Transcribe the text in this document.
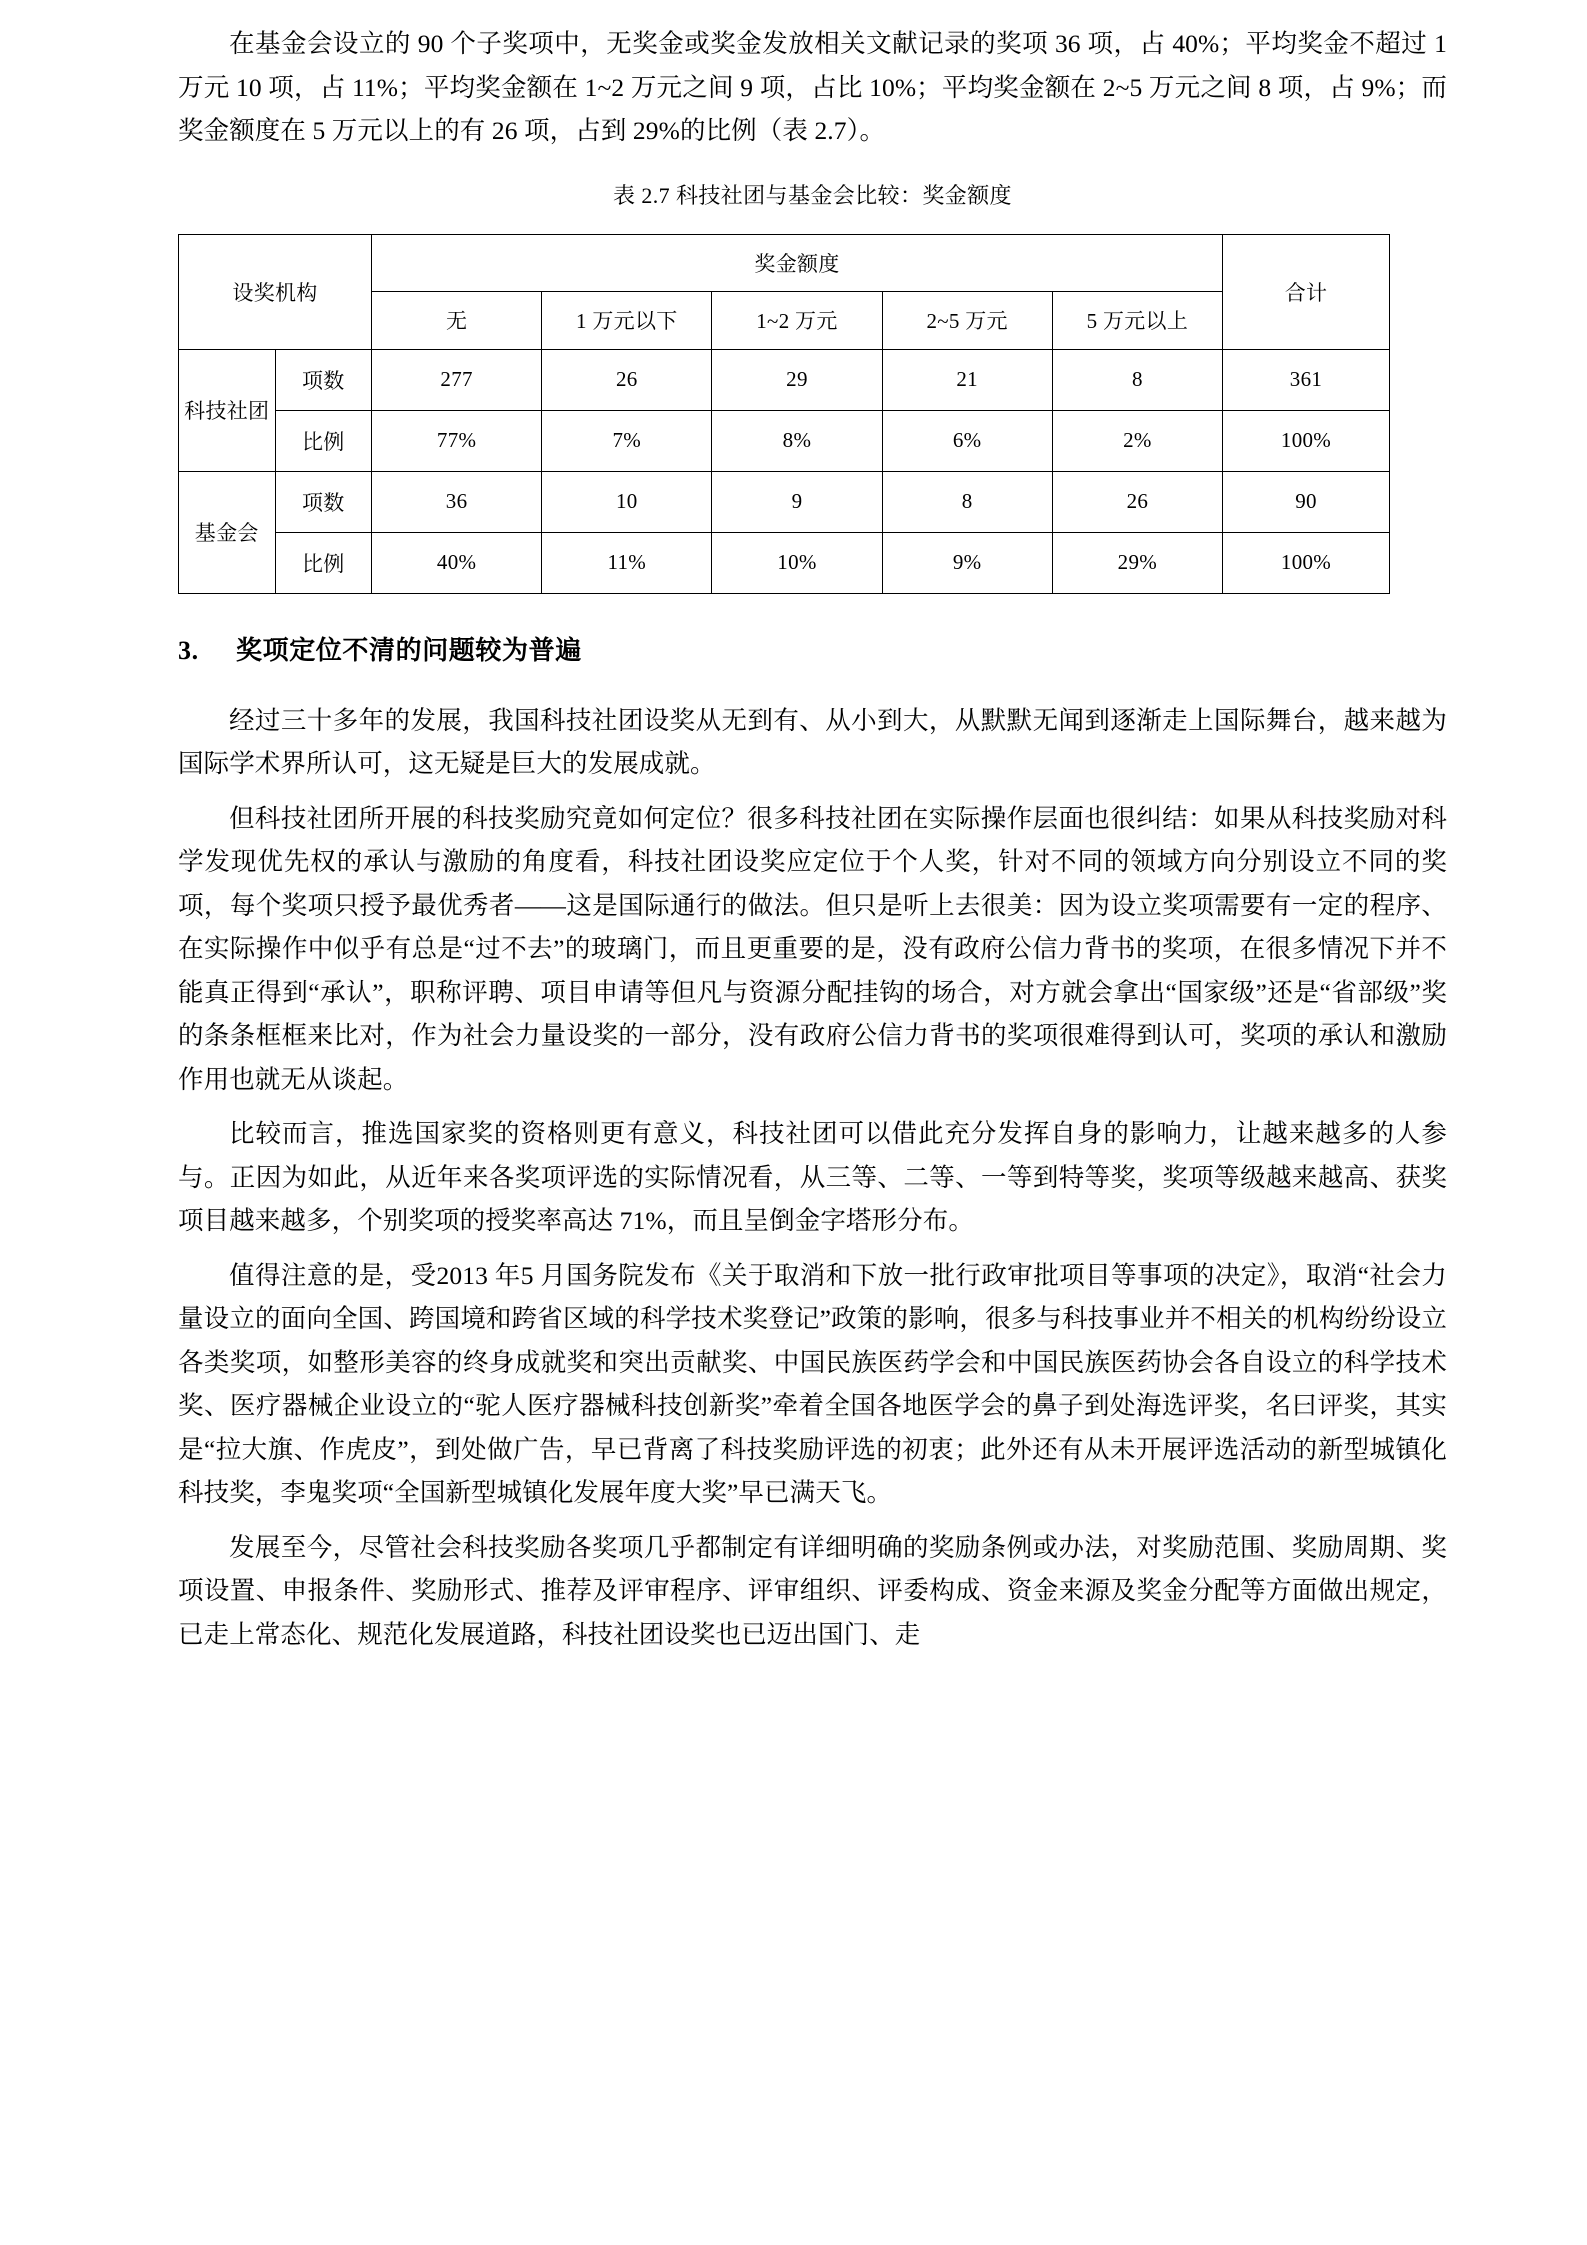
在基金会设立的 90 个子奖项中，无奖金或奖金发放相关文献记录的奖项 36 项，占 40%；平均奖金不超过 1 万元 10 项，占 11%；平均奖金额在 1~2 万元之间 9 项，占比 10%；平均奖金额在 2~5 万元之间 8 项，占 9%；而奖金额度在 5 万元以上的有 26 项，占到 29%的比例（表 2.7）。

表 2.7 科技社团与基金会比较：奖金额度
设奖机构		奖金额度					合计
		无	1 万元以下	1~2 万元	2~5 万元	5 万元以上	
科技社团	项数	277	26	29	21	8	361
	比例	77%	7%	8%	6%	2%	100%
基金会	项数	36	10	9	8	26	90
	比例	40%	11%	10%	9%	29%	100%
3.	奖项定位不清的问题较为普遍

经过三十多年的发展，我国科技社团设奖从无到有、从小到大，从默默无闻到逐渐走上国际舞台，越来越为国际学术界所认可，这无疑是巨大的发展成就。

但科技社团所开展的科技奖励究竟如何定位？很多科技社团在实际操作层面也很纠结：如果从科技奖励对科学发现优先权的承认与激励的角度看，科技社团设奖应定位于个人奖，针对不同的领域方向分别设立不同的奖项，每个奖项只授予最优秀者——这是国际通行的做法。但只是听上去很美：因为设立奖项需要有一定的程序、在实际操作中似乎有总是“过不去”的玻璃门，而且更重要的是，没有政府公信力背书的奖项，在很多情况下并不能真正得到“承认”，职称评聘、项目申请等但凡与资源分配挂钩的场合，对方就会拿出“国家级”还是“省部级”奖的条条框框来比对，作为社会力量设奖的一部分，没有政府公信力背书的奖项很难得到认可，奖项的承认和激励作用也就无从谈起。

比较而言，推选国家奖的资格则更有意义，科技社团可以借此充分发挥自身的影响力，让越来越多的人参与。正因为如此，从近年来各奖项评选的实际情况看，从三等、二等、一等到特等奖，奖项等级越来越高、获奖项目越来越多，个别奖项的授奖率高达 71%，而且呈倒金字塔形分布。

值得注意的是，受2013 年5 月国务院发布《关于取消和下放一批行政审批项目等事项的决定》，取消“社会力量设立的面向全国、跨国境和跨省区域的科学技术奖登记”政策的影响，很多与科技事业并不相关的机构纷纷设立各类奖项，如整形美容的终身成就奖和突出贡献奖、中国民族医药学会和中国民族医药协会各自设立的科学技术奖、医疗器械企业设立的“驼人医疗器械科技创新奖”牵着全国各地医学会的鼻子到处海选评奖，名曰评奖，其实是“拉大旗、作虎皮”，到处做广告，早已背离了科技奖励评选的初衷；此外还有从未开展评选活动的新型城镇化科技奖，李鬼奖项“全国新型城镇化发展年度大奖”早已满天飞。

发展至今，尽管社会科技奖励各奖项几乎都制定有详细明确的奖励条例或办法，对奖励范围、奖励周期、奖项设置、申报条件、奖励形式、推荐及评审程序、评审组织、评委构成、资金来源及奖金分配等方面做出规定，已走上常态化、规范化发展道路，科技社团设奖也已迈出国门、走
